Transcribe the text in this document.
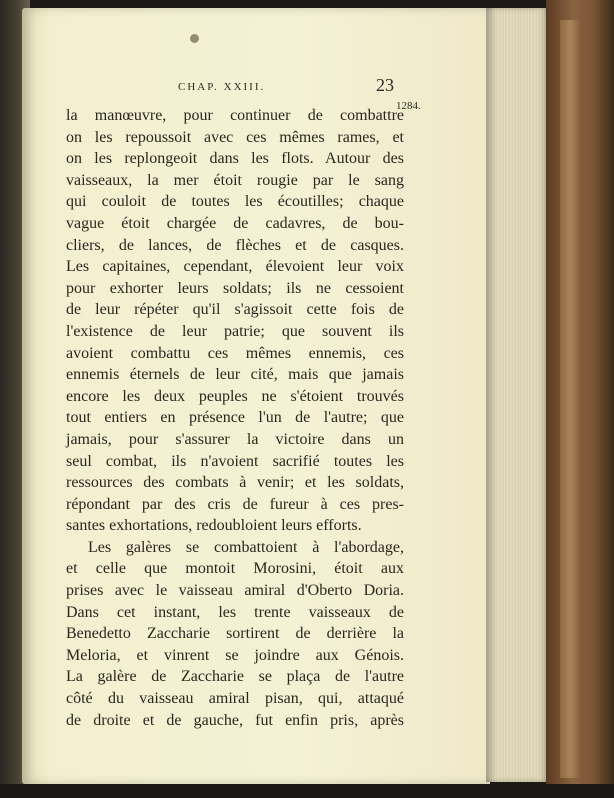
CHAP. XXIII.	23
1284.
la manœuvre, pour continuer de combattre
on les repoussoit avec ces mêmes rames, et
on les replongeoit dans les flots. Autour des
vaisseaux, la mer étoit rougie par le sang
qui couloit de toutes les écoutilles; chaque
vague étoit chargée de cadavres, de bou-
cliers, de lances, de flèches et de casques.
Les capitaines, cependant, élevoient leur voix
pour exhorter leurs soldats; ils ne cessoient
de leur répéter qu'il s'agissoit cette fois de
l'existence de leur patrie; que souvent ils
avoient combattu ces mêmes ennemis, ces
ennemis éternels de leur cité, mais que jamais
encore les deux peuples ne s'étoient trouvés
tout entiers en présence l'un de l'autre; que
jamais, pour s'assurer la victoire dans un
seul combat, ils n'avoient sacrifié toutes les
ressources des combats à venir; et les soldats,
répondant par des cris de fureur à ces pres-
santes exhortations, redoubloient leurs efforts.
Les galères se combattoient à l'abordage,
et celle que montoit Morosini, étoit aux
prises avec le vaisseau amiral d'Oberto Doria.
Dans cet instant, les trente vaisseaux de
Benedetto Zaccharie sortirent de derrière la
Meloria, et vinrent se joindre aux Génois.
La galère de Zaccharie se plaça de l'autre
côté du vaisseau amiral pisan, qui, attaqué
de droite et de gauche, fut enfin pris, après
